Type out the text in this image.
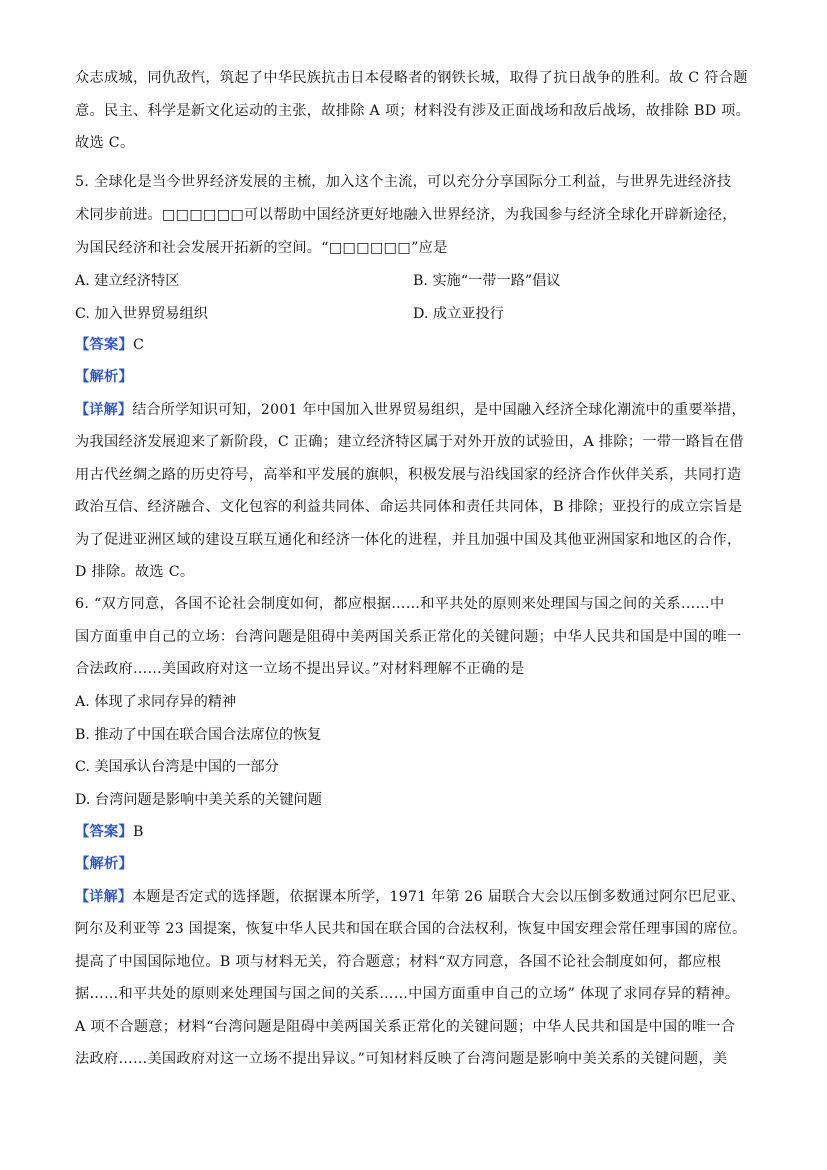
众志成城，同仇敌忾，筑起了中华民族抗击日本侵略者的钢铁长城，取得了抗日战争的胜利。故 C 符合题
意。民主、科学是新文化运动的主张，故排除 A 项；材料没有涉及正面战场和敌后战场，故排除 BD 项。
故选 C。
5. 全球化是当今世界经济发展的主梳，加入这个主流，可以充分分享国际分工利益，与世界先进经济技
术同步前进。□□□□□□可以帮助中国经济更好地融入世界经济，为我国参与经济全球化开辟新途径，
为国民经济和社会发展开拓新的空间。“□□□□□□”应是
A. 建立经济特区	B. 实施“一带一路”倡议
C. 加入世界贸易组织	D. 成立亚投行
【答案】C
【解析】
【详解】结合所学知识可知，2001 年中国加入世界贸易组织，是中国融入经济全球化潮流中的重要举措，
为我国经济发展迎来了新阶段，C 正确；建立经济特区属于对外开放的试验田，A 排除；一带一路旨在借
用古代丝绸之路的历史符号，高举和平发展的旗帜，积极发展与沿线国家的经济合作伙伴关系，共同打造
政治互信、经济融合、文化包容的利益共同体、命运共同体和责任共同体，B 排除；亚投行的成立宗旨是
为了促进亚洲区域的建设互联互通化和经济一体化的进程，并且加强中国及其他亚洲国家和地区的合作，
D 排除。故选 C。
6. “双方同意，各国不论社会制度如何，都应根据……和平共处的原则来处理国与国之间的关系……中
国方面重申自己的立场：台湾问题是阻碍中美两国关系正常化的关键问题；中华人民共和国是中国的唯一
合法政府……美国政府对这一立场不提出异议。”对材料理解不正确的是
A. 体现了求同存异的精神
B. 推动了中国在联合国合法席位的恢复
C. 美国承认台湾是中国的一部分
D. 台湾问题是影响中美关系的关键问题
【答案】B
【解析】
【详解】本题是否定式的选择题，依据课本所学，1971 年第 26 届联合大会以压倒多数通过阿尔巴尼亚、
阿尔及利亚等 23 国提案，恢复中华人民共和国在联合国的合法权利，恢复中国安理会常任理事国的席位。
提高了中国国际地位。B 项与材料无关，符合题意；材料“双方同意，各国不论社会制度如何，都应根
据……和平共处的原则来处理国与国之间的关系……中国方面重申自己的立场” 体现了求同存异的精神。
A 项不合题意；材料“台湾问题是阻碍中美两国关系正常化的关键问题；中华人民共和国是中国的唯一合
法政府……美国政府对这一立场不提出异议。”可知材料反映了台湾问题是影响中美关系的关键问题，美
